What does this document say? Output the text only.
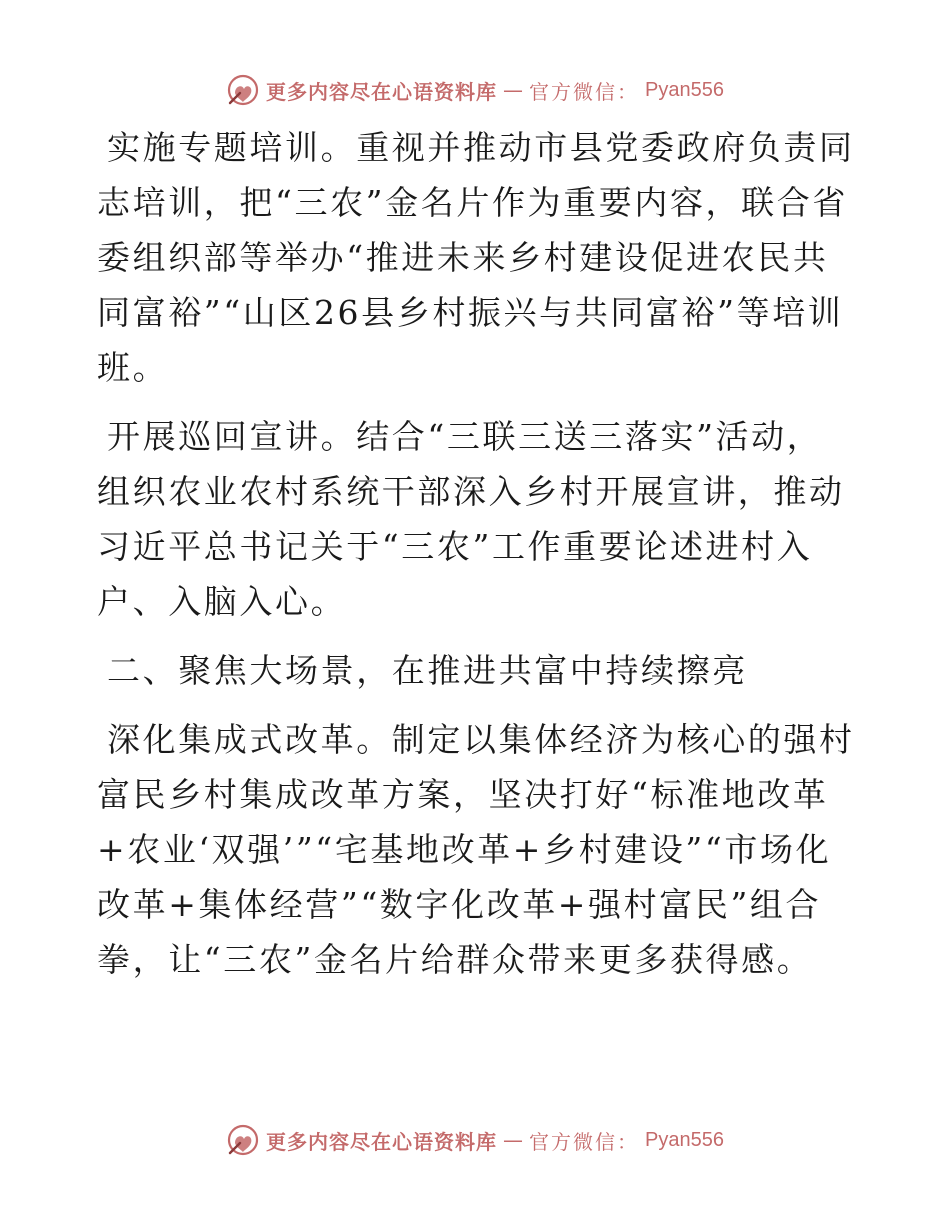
更多内容尽在心语资料库 — 官方微信： Pyan556

实施专题培训。重视并推动市县党委政府负责同志培训，把“三农”金名片作为重要内容，联合省委组织部等举办“推进未来乡村建设促进农民共同富裕”“山区26县乡村振兴与共同富裕”等培训班。

开展巡回宣讲。结合“三联三送三落实”活动，组织农业农村系统干部深入乡村开展宣讲，推动习近平总书记关于“三农”工作重要论述进村入户、入脑入心。

二、聚焦大场景，在推进共富中持续擦亮

深化集成式改革。制定以集体经济为核心的强村富民乡村集成改革方案，坚决打好“标准地改革+农业‘双强’”“宅基地改革+乡村建设”“市场化改革+集体经营”“数字化改革+强村富民”组合拳，让“三农”金名片给群众带来更多获得感。

更多内容尽在心语资料库 — 官方微信： Pyan556
